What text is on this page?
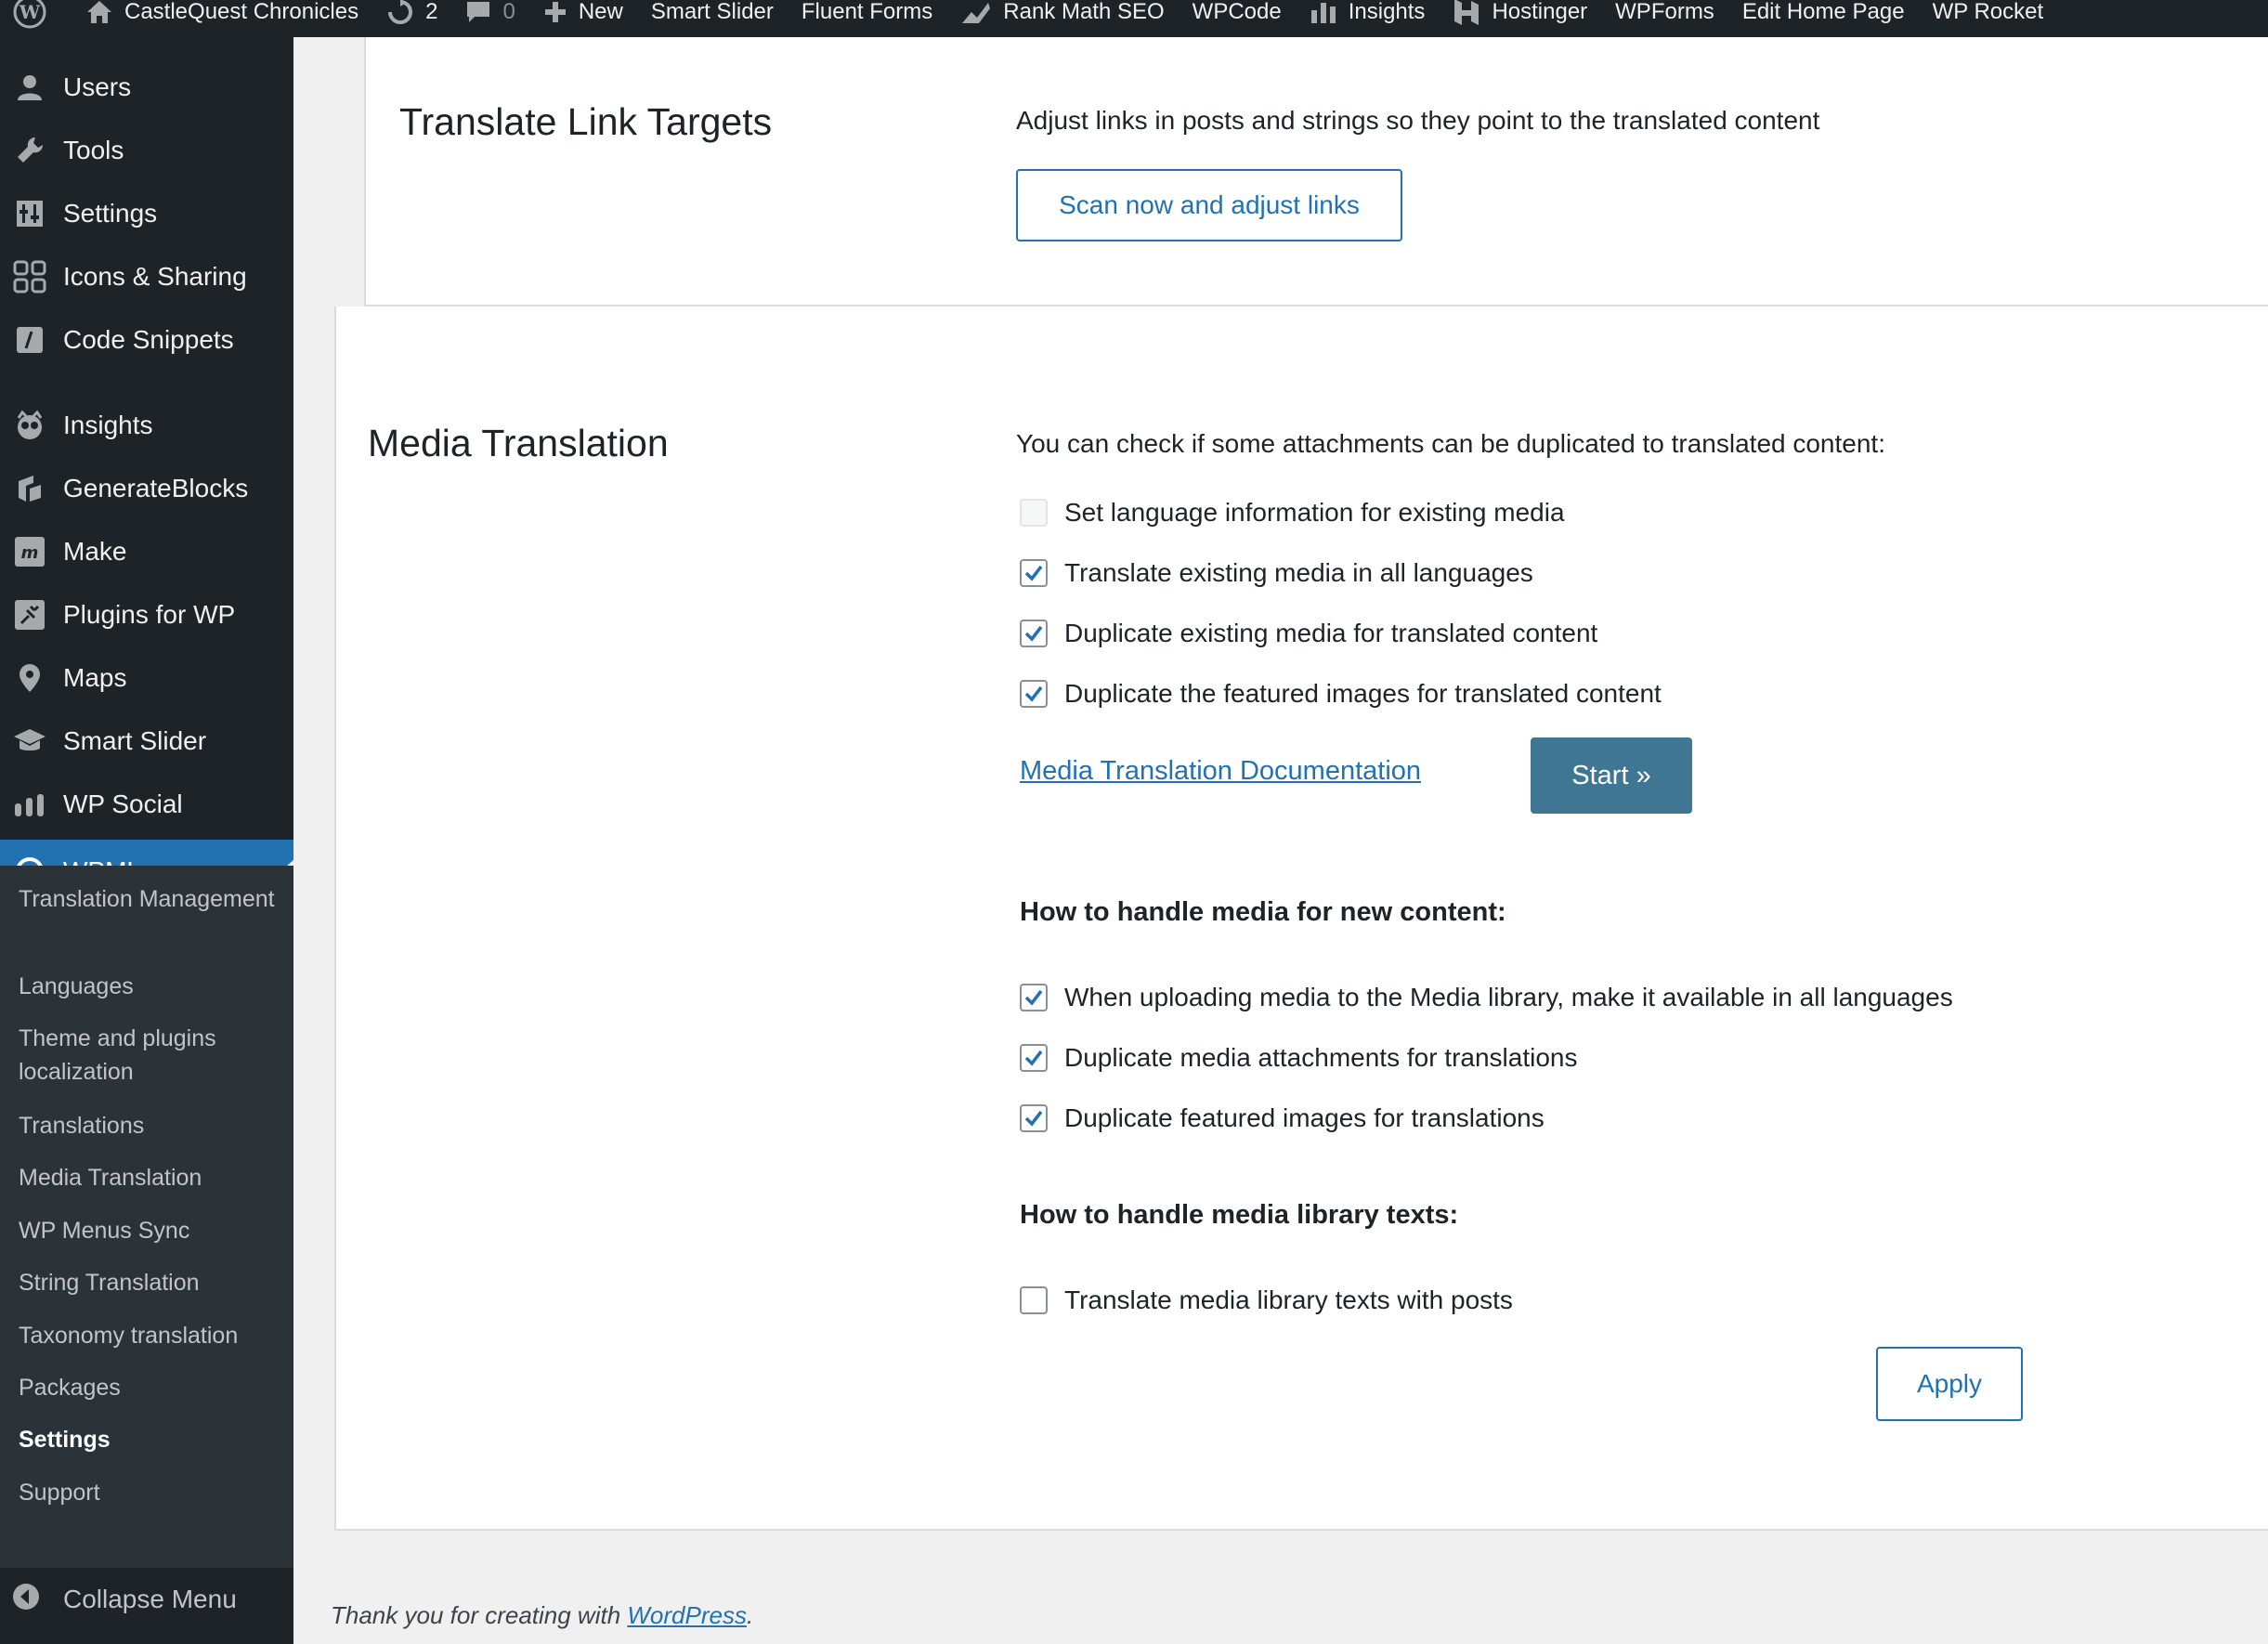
W	CastleQuest Chronicles	2	0	New Smart Slider Fluent Forms	Rank Math SEO WPCode	Insights	Hostinger WPForms Edit Home Page WP Rocket
Users
Tools
Settings
Icons & Sharing
Code Snippets
Insights
GenerateBlocks
m Make
Plugins for WP
Maps
Smart Slider
WP Social
Translation Management
Languages
Theme and plugins localization
Translations
Media Translation
WP Menus Sync
String Translation
Taxonomy translation
Packages
Settings
Support
Collapse Menu
Translate Link Targets	Adjust links in posts and strings so they point to the translated content
Scan now and adjust links
Media Translation	You can check if some attachments can be duplicated to translated content:
Set language information for existing media
Translate existing media in all languages
Duplicate existing media for translated content
Duplicate the featured images for translated content
Media Translation Documentation	Start »
How to handle media for new content:
When uploading media to the Media library, make it available in all languages
Duplicate media attachments for translations
Duplicate featured images for translations
How to handle media library texts:
Translate media library texts with posts
Apply
Thank you for creating with WordPress.
